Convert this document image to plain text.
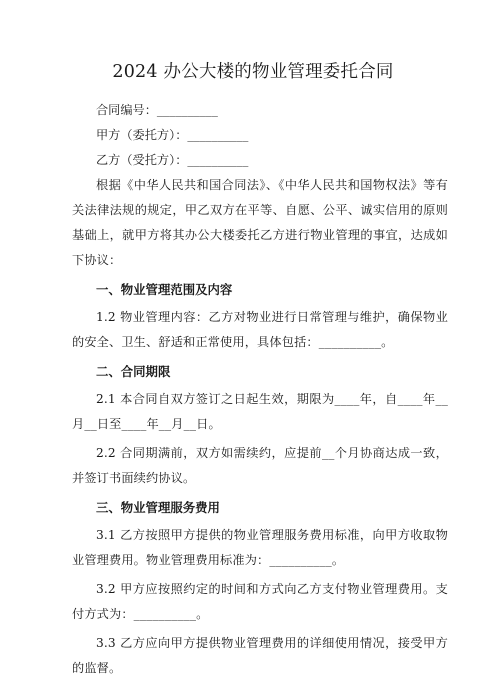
2024 办公大楼的物业管理委托合同
合同编号：__________
甲方（委托方）：__________
乙方（受托方）：__________

根据《中华人民共和国合同法》、《中华人民共和国物权法》等有关法律法规的规定，甲乙双方在平等、自愿、公平、诚实信用的原则基础上，就甲方将其办公大楼委托乙方进行物业管理的事宜，达成如下协议：

一、物业管理范围及内容

1.2 物业管理内容：乙方对物业进行日常管理与维护，确保物业的安全、卫生、舒适和正常使用，具体包括：__________。

二、合同期限

2.1 本合同自双方签订之日起生效，期限为____年，自____年__月__日至____年__月__日。

2.2 合同期满前，双方如需续约，应提前__个月协商达成一致，并签订书面续约协议。

三、物业管理服务费用

3.1 乙方按照甲方提供的物业管理服务费用标准，向甲方收取物业管理费用。物业管理费用标准为：__________。

3.2 甲方应按照约定的时间和方式向乙方支付物业管理费用。支付方式为：__________。

3.3 乙方应向甲方提供物业管理费用的详细使用情况，接受甲方的监督。
